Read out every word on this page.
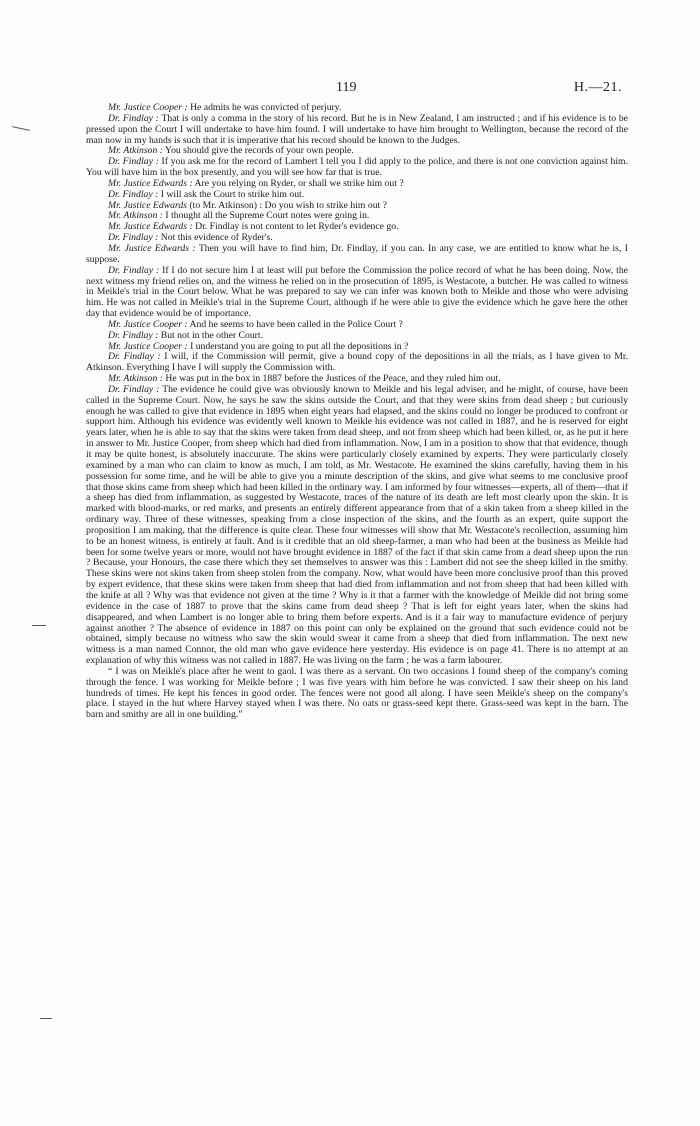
119	H.—21.

Mr. Justice Cooper : He admits he was convicted of perjury.

Dr. Findlay : That is only a comma in the story of his record. But he is in New Zealand, I am instructed ; and if his evidence is to be pressed upon the Court I will undertake to have him found. I will undertake to have him brought to Wellington, because the record of the man now in my hands is such that it is imperative that his record should be known to the Judges.

Mr. Atkinson : You should give the records of your own people.

Dr. Findlay : If you ask me for the record of Lambert I tell you I did apply to the police, and there is not one conviction against him. You will have him in the box presently, and you will see how far that is true.

Mr. Justice Edwards : Are you relying on Ryder, or shall we strike him out ?

Dr. Findlay : I will ask the Court to strike him out.

Mr. Justice Edwards (to Mr. Atkinson) : Do you wish to strike him out ?

Mr. Atkinson : I thought all the Supreme Court notes were going in.

Mr. Justice Edwards : Dr. Findlay is not content to let Ryder's evidence go.

Dr. Findlay : Not this evidence of Ryder's.

Mr. Justice Edwards : Then you will have to find him, Dr. Findlay, if you can. In any case, we are entitled to know what he is, I suppose.

Dr. Findlay : If I do not secure him I at least will put before the Commission the police record of what he has been doing. Now, the next witness my friend relies on, and the witness he relied on in the prosecution of 1895, is Westacote, a butcher. He was called to witness in Meikle's trial in the Court below. What he was prepared to say we can infer was known both to Meikle and those who were advising him. He was not called in Meikle's trial in the Supreme Court, although if he were able to give the evidence which he gave here the other day that evidence would be of importance.

Mr. Justice Cooper : And he seems to have been called in the Police Court ?

Dr. Findlay : But not in the other Court.

Mr. Justice Cooper : I understand you are going to put all the depositions in ?

Dr. Findlay : I will, if the Commission will permit, give a bound copy of the depositions in all the trials, as I have given to Mr. Atkinson. Everything I have I will supply the Commission with.

Mr. Atkinson : He was put in the box in 1887 before the Justices of the Peace, and they ruled him out.

Dr. Findlay : The evidence he could give was obviously known to Meikle and his legal adviser, and he might, of course, have been called in the Supreme Court. Now, he says he saw the skins outside the Court, and that they were skins from dead sheep ; but curiously enough he was called to give that evidence in 1895 when eight years had elapsed, and the skins could no longer be produced to confront or support him. Although his evidence was evidently well known to Meikle his evidence was not called in 1887, and he is reserved for eight years later, when he is able to say that the skins were taken from dead sheep, and not from sheep which had been killed, or, as he put it here in answer to Mr. Justice Cooper, from sheep which had died from inflammation. Now, I am in a position to show that that evidence, though it may be quite honest, is absolutely inaccurate. The skins were particularly closely examined by experts. They were particularly closely examined by a man who can claim to know as much, I am told, as Mr. Westacote. He examined the skins carefully, having them in his possession for some time, and he will be able to give you a minute description of the skins, and give what seems to me conclusive proof that those skins came from sheep which had been killed in the ordinary way. I am informed by four witnesses—experts, all of them—that if a sheep has died from inflammation, as suggested by Westacote, traces of the nature of its death are left most clearly upon the skin. It is marked with blood-marks, or red marks, and presents an entirely different appearance from that of a skin taken from a sheep killed in the ordinary way. Three of these witnesses, speaking from a close inspection of the skins, and the fourth as an expert, quite support the proposition I am making, that the difference is quite clear. These four witnesses will show that Mr. Westacote's recollection, assuming him to be an honest witness, is entirely at fault. And is it credible that an old sheep-farmer, a man who had been at the business as Meikle had been for some twelve years or more, would not have brought evidence in 1887 of the fact if that skin came from a dead sheep upon the run ? Because, your Honours, the case there which they set themselves to answer was this : Lambert did not see the sheep killed in the smithy. These skins were not skins taken from sheep stolen from the company. Now, what would have been more conclusive proof than this proved by expert evidence, that these skins were taken from sheep that had died from inflammation and not from sheep that had been killed with the knife at all ? Why was that evidence not given at the time ? Why is it that a farmer with the knowledge of Meikle did not bring some evidence in the case of 1887 to prove that the skins came from dead sheep ? That is left for eight years later, when the skins had disappeared, and when Lambert is no longer able to bring them before experts. And is it a fair way to manufacture evidence of perjury against another ? The absence of evidence in 1887 on this point can only be explained on the ground that such evidence could not be obtained, simply because no witness who saw the skin would swear it came from a sheep that died from inflammation. The next new witness is a man named Connor, the old man who gave evidence here yesterday. His evidence is on page 41. There is no attempt at an explanation of why this witness was not called in 1887. He was living on the farm ; he was a farm labourer.

“ I was on Meikle's place after he went to gaol. I was there as a servant. On two occasions I found sheep of the company's coming through the fence. I was working for Meikle before ; I was five years with him before he was convicted. I saw their sheep on his land hundreds of times. He kept his fences in good order. The fences were not good all along. I have seen Meikle's sheep on the company's place. I stayed in the hut where Harvey stayed when I was there. No oats or grass-seed kept there. Grass-seed was kept in the barn. The barn and smithy are all in one building.”
